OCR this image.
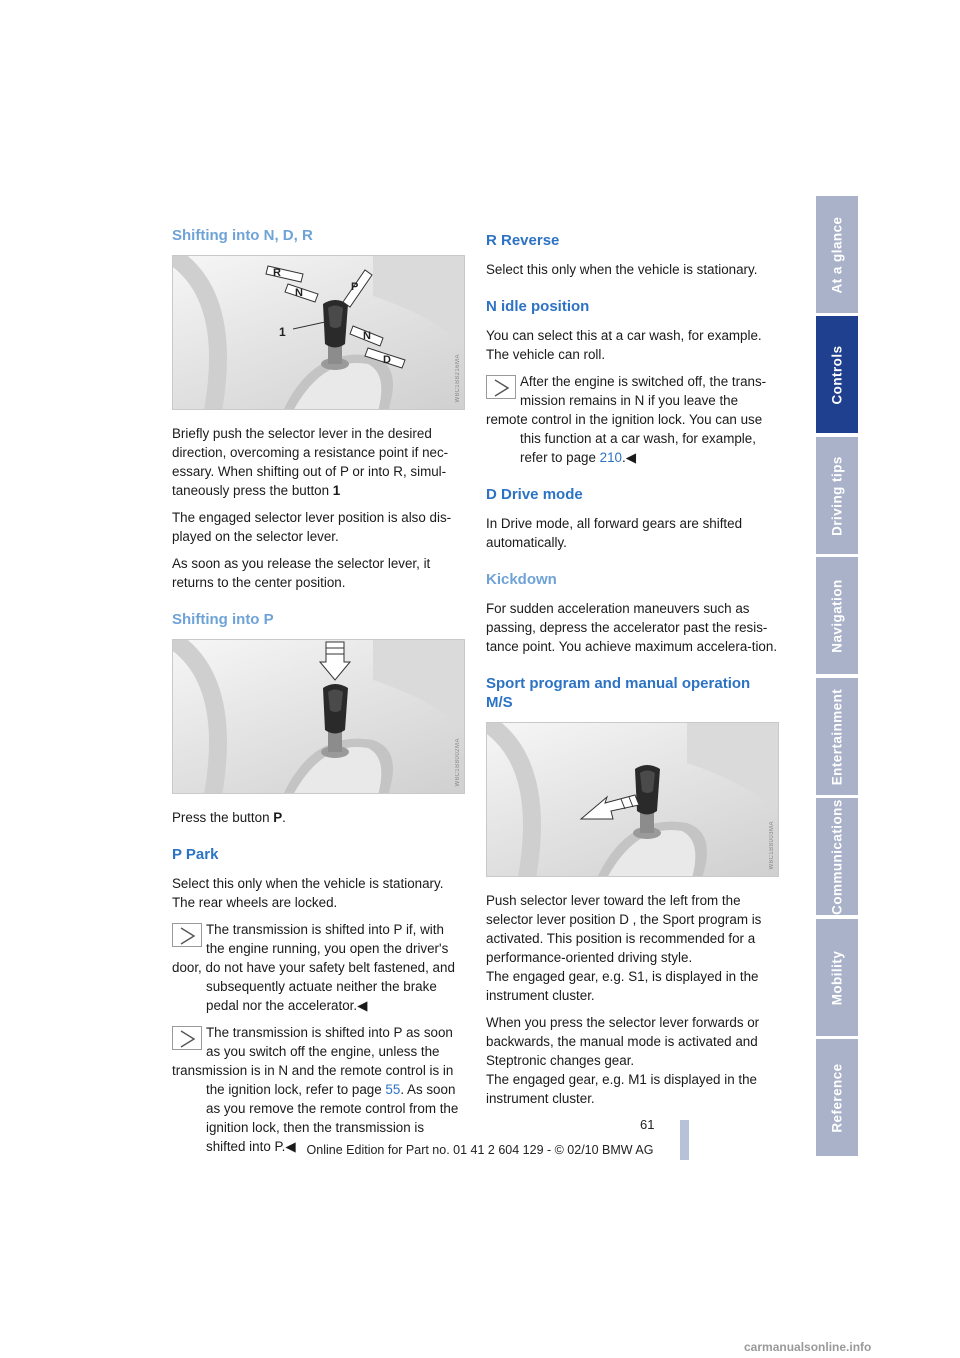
Shifting into N, D, R
R
N	P
1	N
D	W8C1B8216MA

Briefly push the selector lever in the desired direction, overcoming a resistance point if nec-essary. When shifting out of P or into R, simul-taneously press the button 1

The engaged selector lever position is also dis-played on the selector lever.

As soon as you release the selector lever, it returns to the center position.

Shifting into P
W8C1B8002MA

Press the button P.

P Park

Select this only when the vehicle is stationary. The rear wheels are locked.

The transmission is shifted into P if, with
the engine running, you open the driver's
door, do not have your safety belt fastened, and subsequently actuate neither the brake pedal nor the accelerator.◀

The transmission is shifted into P as soon
as you switch off the engine, unless the
transmission is in N and the remote control is in the ignition lock, refer to page 55. As soon as you remove the remote control from the ignition lock, then the transmission is shifted into P.◀

R Reverse

Select this only when the vehicle is stationary.

N idle position

You can select this at a car wash, for example. The vehicle can roll.

After the engine is switched off, the trans-
mission remains in N if you leave the
remote control in the ignition lock. You can use this function at a car wash, for example, refer to page 210.◀

D Drive mode

In Drive mode, all forward gears are shifted automatically.

Kickdown

For sudden acceleration maneuvers such as passing, depress the accelerator past the resis-tance point. You achieve maximum accelera-tion.

Sport program and manual operation M/S
W8C1B8003MA

Push selector lever toward the left from the selector lever position D , the Sport program is activated. This position is recommended for a performance-oriented driving style.
The engaged gear, e.g. S1, is displayed in the instrument cluster.

When you press the selector lever forwards or backwards, the manual mode is activated and Steptronic changes gear.
The engaged gear, e.g. M1 is displayed in the instrument cluster.

At a glance
Controls
Driving tips
Navigation
Entertainment
Communications
Mobility
Reference
61
Online Edition for Part no. 01 41 2 604 129 - © 02/10 BMW AG
carmanualsonline.info
